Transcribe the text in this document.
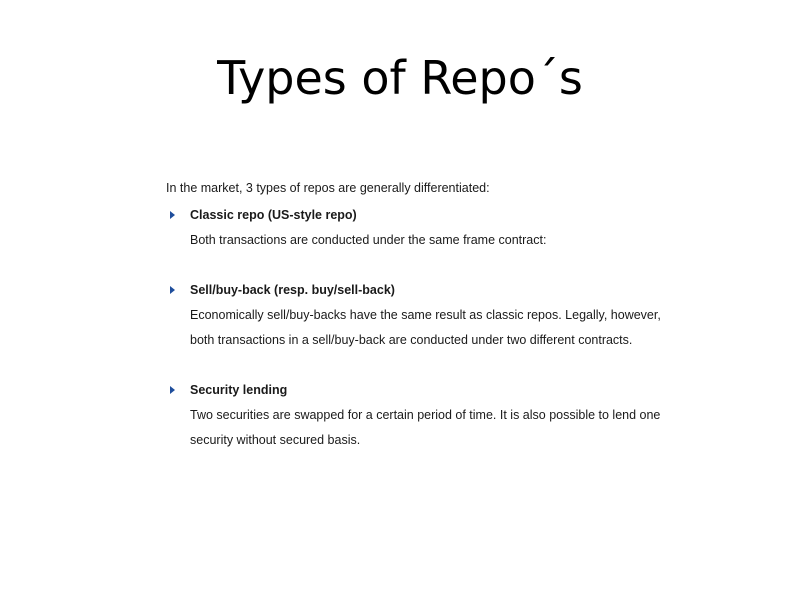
Types of Repo´s
In the market, 3 types of repos are generally differentiated:
Classic repo (US-style repo)
Both transactions are conducted under the same frame contract:
Sell/buy-back (resp. buy/sell-back)
Economically sell/buy-backs have the same result as classic repos. Legally, however,
both transactions in a sell/buy-back are conducted under two different contracts.
Security lending
Two securities are swapped for a certain period of time. It is also possible to lend one
security without secured basis.
